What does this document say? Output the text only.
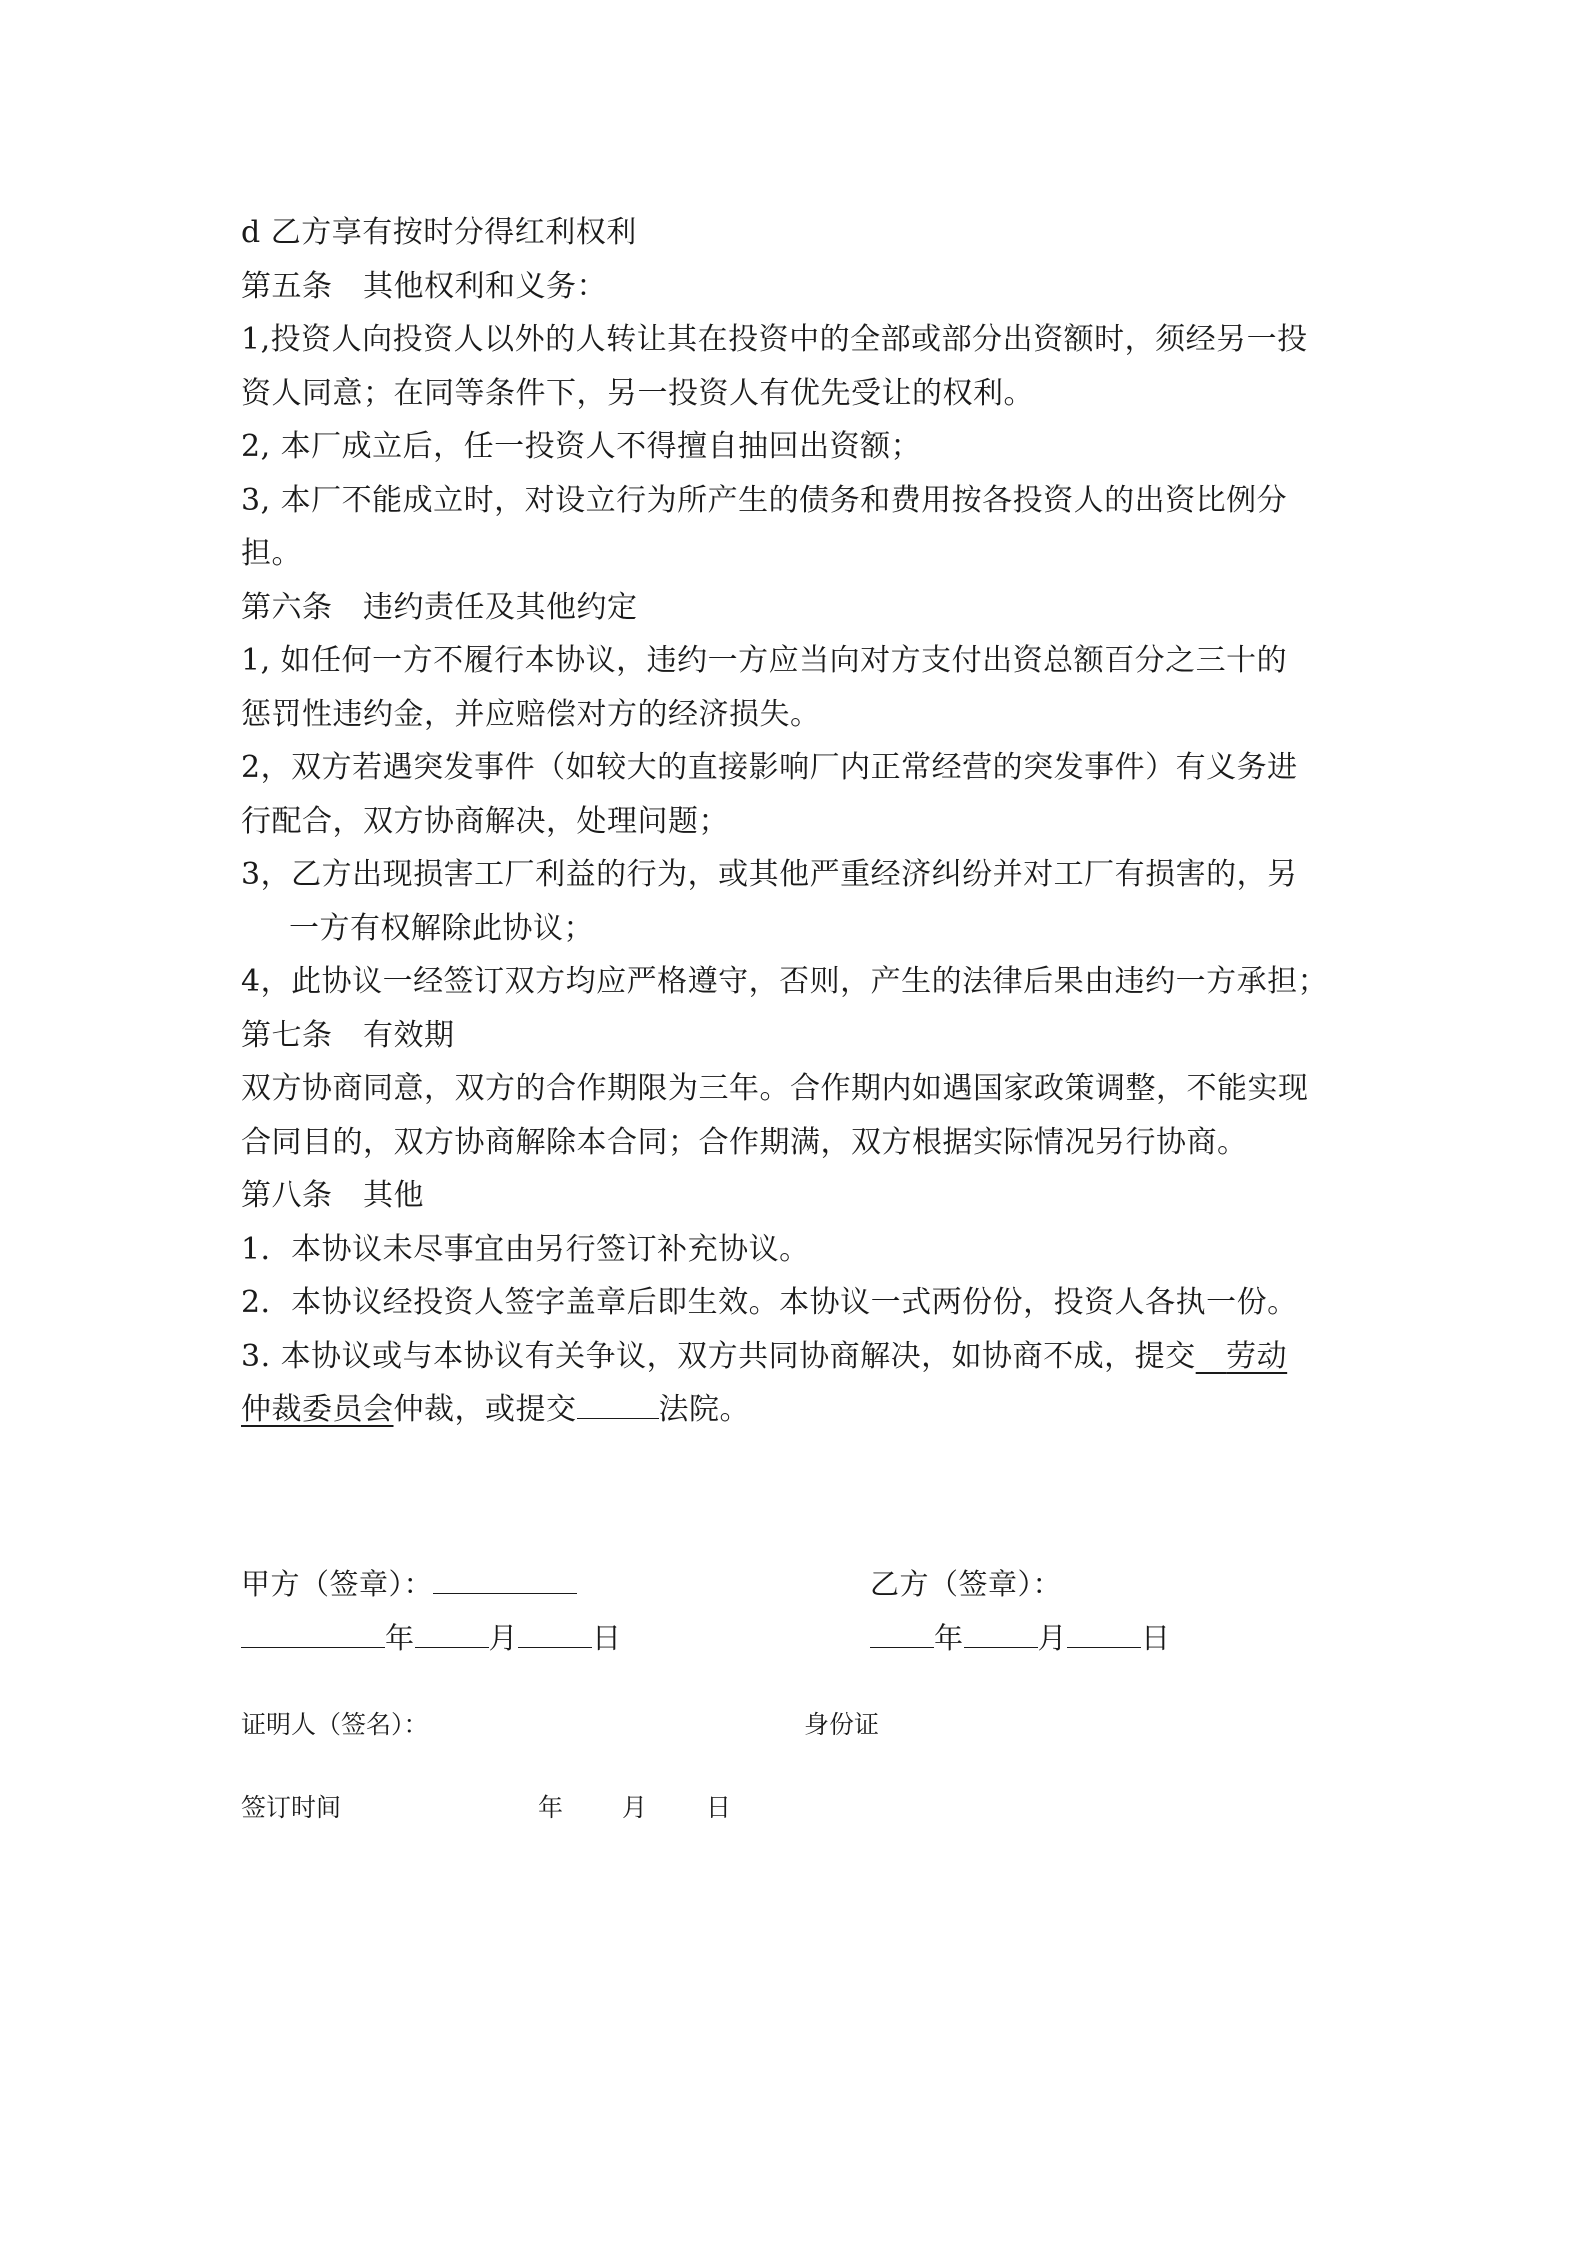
d 乙方享有按时分得红利权利
第五条　其他权利和义务：
1,投资人向投资人以外的人转让其在投资中的全部或部分出资额时，须经另一投
资人同意；在同等条件下，另一投资人有优先受让的权利。
2, 本厂成立后，任一投资人不得擅自抽回出资额；
3, 本厂不能成立时，对设立行为所产生的债务和费用按各投资人的出资比例分
担。
第六条　违约责任及其他约定
1, 如任何一方不履行本协议，违约一方应当向对方支付出资总额百分之三十的
惩罚性违约金，并应赔偿对方的经济损失。
2，双方若遇突发事件（如较大的直接影响厂内正常经营的突发事件）有义务进
行配合，双方协商解决，处理问题；
3，乙方出现损害工厂利益的行为，或其他严重经济纠纷并对工厂有损害的，另
一方有权解除此协议；
4，此协议一经签订双方均应严格遵守，否则，产生的法律后果由违约一方承担；
第七条　有效期
双方协商同意，双方的合作期限为三年。合作期内如遇国家政策调整，不能实现
合同目的，双方协商解除本合同；合作期满，双方根据实际情况另行协商。
第八条　其他
1．本协议未尽事宜由另行签订补充协议。
2．本协议经投资人签字盖章后即生效。本协议一式两份份，投资人各执一份。
3. 本协议或与本协议有关争议，双方共同协商解决，如协商不成，提交  劳动
仲裁委员会仲裁，或提交	法院。
甲方（签章）：	乙方（签章）：
年	月	日	年	月	日
证明人（签名）：	身份证
签订时间	年 月 日
